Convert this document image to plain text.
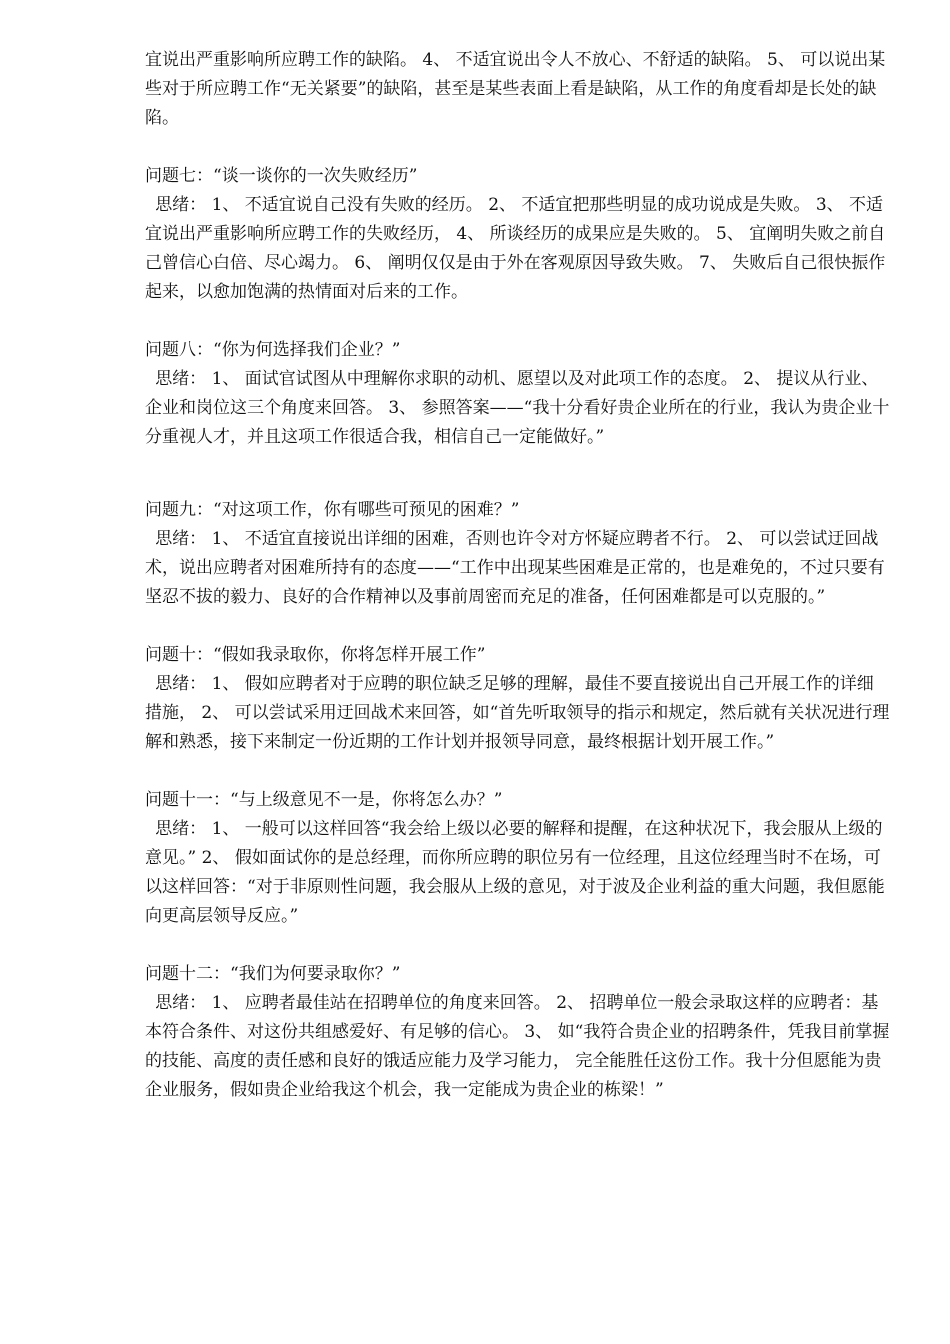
宜说出严重影响所应聘工作的缺陷。 4、 不适宜说出令人不放心、不舒适的缺陷。 5、 可以说出某些对于所应聘工作“无关紧要”的缺陷，甚至是某些表面上看是缺陷，从工作的角度看却是长处的缺陷。

问题七：“谈一谈你的一次失败经历”

思绪： 1、 不适宜说自己没有失败的经历。 2、 不适宜把那些明显的成功说成是失败。 3、 不适宜说出严重影响所应聘工作的失败经历， 4、 所谈经历的成果应是失败的。 5、 宜阐明失败之前自己曾信心白倍、尽心竭力。 6、 阐明仅仅是由于外在客观原因导致失败。 7、 失败后自己很快振作起来，以愈加饱满的热情面对后来的工作。

问题八：“你为何选择我们企业？”

思绪： 1、 面试官试图从中理解你求职的动机、愿望以及对此项工作的态度。 2、 提议从行业、企业和岗位这三个角度来回答。 3、 参照答案——“我十分看好贵企业所在的行业，我认为贵企业十分重视人才，并且这项工作很适合我，相信自己一定能做好。”

问题九：“对这项工作，你有哪些可预见的困难？”

思绪： 1、 不适宜直接说出详细的困难，否则也许令对方怀疑应聘者不行。 2、 可以尝试迂回战术，说出应聘者对困难所持有的态度——“工作中出现某些困难是正常的，也是难免的，不过只要有坚忍不拔的毅力、良好的合作精神以及事前周密而充足的准备，任何困难都是可以克服的。”

问题十：“假如我录取你，你将怎样开展工作”

思绪： 1、 假如应聘者对于应聘的职位缺乏足够的理解，最佳不要直接说出自己开展工作的详细措施， 2、 可以尝试采用迂回战术来回答，如“首先听取领导的指示和规定，然后就有关状况进行理解和熟悉，接下来制定一份近期的工作计划并报领导同意，最终根据计划开展工作。”

问题十一：“与上级意见不一是，你将怎么办？”

思绪： 1、 一般可以这样回答“我会给上级以必要的解释和提醒，在这种状况下，我会服从上级的意见。” 2、 假如面试你的是总经理，而你所应聘的职位另有一位经理，且这位经理当时不在场，可以这样回答：“对于非原则性问题，我会服从上级的意见，对于波及企业利益的重大问题，我但愿能向更高层领导反应。”

问题十二：“我们为何要录取你？”

思绪： 1、 应聘者最佳站在招聘单位的角度来回答。 2、 招聘单位一般会录取这样的应聘者：基本符合条件、对这份共组感爱好、有足够的信心。 3、 如“我符合贵企业的招聘条件，凭我目前掌握的技能、高度的责任感和良好的饿适应能力及学习能力， 完全能胜任这份工作。我十分但愿能为贵 企业服务，假如贵企业给我这个机会，我一定能成为贵企业的栋梁！”
